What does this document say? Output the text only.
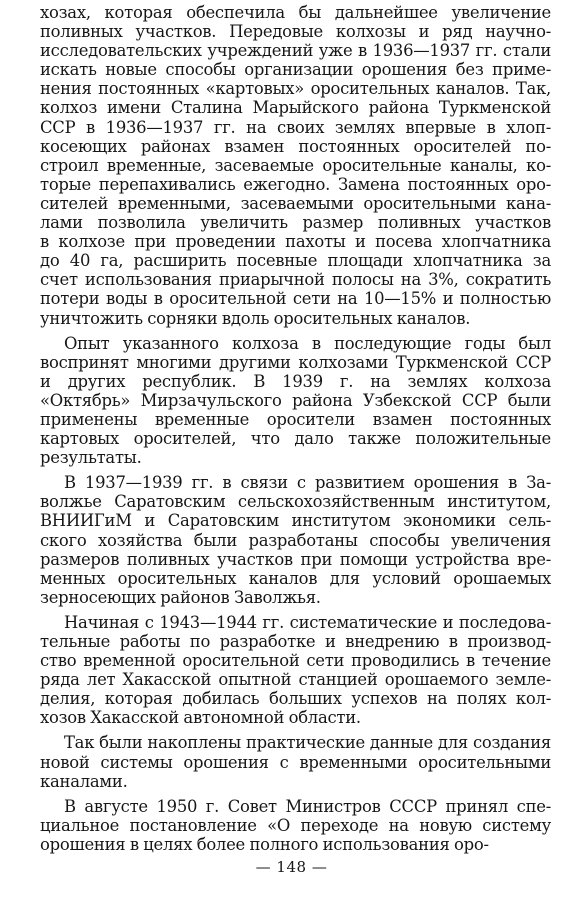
хозах, которая обеспечила бы дальнейшее увеличение
поливных участков. Передовые колхозы и ряд научно-
исследовательских учреждений уже в 1936—1937 гг. стали
искать новые способы организации орошения без приме-
нения постоянных «картовых» оросительных каналов. Так,
колхоз имени Сталина Марыйского района Туркменской
ССР в 1936—1937 гг. на своих землях впервые в хлоп-
косеющих районах взамен постоянных оросителей по-
строил временные, засеваемые оросительные каналы, ко-
торые перепахивались ежегодно. Замена постоянных оро-
сителей временными, засеваемыми оросительными кана-
лами позволила увеличить размер поливных участков
в колхозе при проведении пахоты и посева хлопчатника
до 40 га, расширить посевные площади хлопчатника за
счет использования приарычной полосы на 3%, сократить
потери воды в оросительной сети на 10—15% и полностью
уничтожить сорняки вдоль оросительных каналов.
Опыт указанного колхоза в последующие годы был
воспринят многими другими колхозами Туркменской ССР
и других республик. В 1939 г. на землях колхоза
«Октябрь» Мирзачульского района Узбекской ССР были
применены временные оросители взамен постоянных
картовых оросителей, что дало также положительные
результаты.
В 1937—1939 гг. в связи с развитием орошения в За-
волжье Саратовским сельскохозяйственным институтом,
ВНИИГиМ и Саратовским институтом экономики сель-
ского хозяйства были разработаны способы увеличения
размеров поливных участков при помощи устройства вре-
менных оросительных каналов для условий орошаемых
зерносеющих районов Заволжья.
Начиная с 1943—1944 гг. систематические и последова-
тельные работы по разработке и внедрению в производ-
ство временной оросительной сети проводились в течение
ряда лет Хакасской опытной станцией орошаемого земле-
делия, которая добилась больших успехов на полях кол-
хозов Хакасской автономной области.
Так были накоплены практические данные для создания
новой системы орошения с временными оросительными
каналами.
В августе 1950 г. Совет Министров СССР принял спе-
циальное постановление «О переходе на новую систему
орошения в целях более полного использования оро-
— 148 —
